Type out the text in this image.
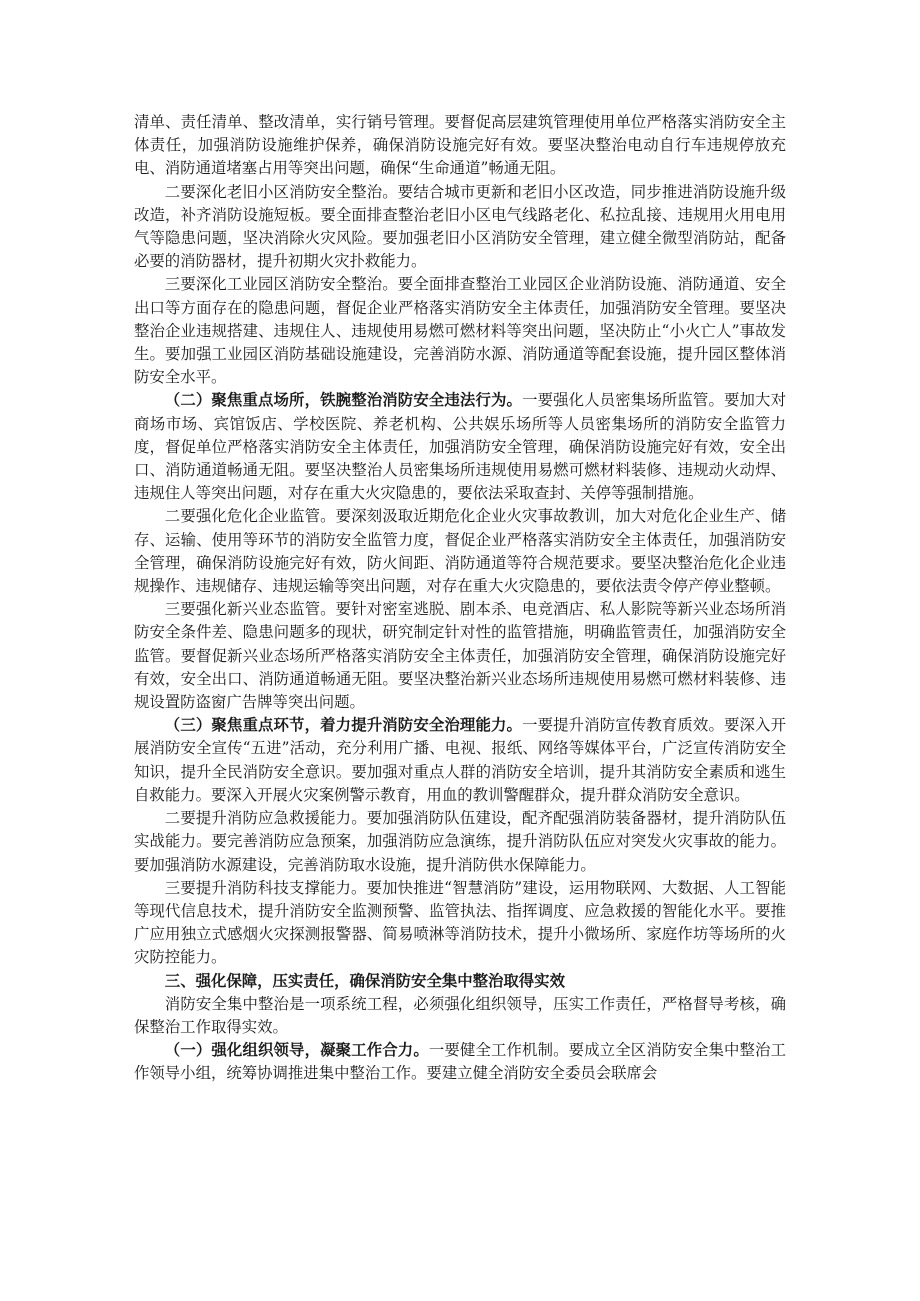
清单、责任清单、整改清单，实行销号管理。要督促高层建筑管理使用单位严格落实消防安全主体责任，加强消防设施维护保养，确保消防设施完好有效。要坚决整治电动自行车违规停放充电、消防通道堵塞占用等突出问题，确保“生命通道”畅通无阻。

二要深化老旧小区消防安全整治。要结合城市更新和老旧小区改造，同步推进消防设施升级改造，补齐消防设施短板。要全面排查整治老旧小区电气线路老化、私拉乱接、违规用火用电用气等隐患问题，坚决消除火灾风险。要加强老旧小区消防安全管理，建立健全微型消防站，配备必要的消防器材，提升初期火灾扑救能力。

三要深化工业园区消防安全整治。要全面排查整治工业园区企业消防设施、消防通道、安全出口等方面存在的隐患问题，督促企业严格落实消防安全主体责任，加强消防安全管理。要坚决整治企业违规搭建、违规住人、违规使用易燃可燃材料等突出问题，坚决防止“小火亡人”事故发生。要加强工业园区消防基础设施建设，完善消防水源、消防通道等配套设施，提升园区整体消防安全水平。

（二）聚焦重点场所，铁腕整治消防安全违法行为。一要强化人员密集场所监管。要加大对商场市场、宾馆饭店、学校医院、养老机构、公共娱乐场所等人员密集场所的消防安全监管力度，督促单位严格落实消防安全主体责任，加强消防安全管理，确保消防设施完好有效，安全出口、消防通道畅通无阻。要坚决整治人员密集场所违规使用易燃可燃材料装修、违规动火动焊、违规住人等突出问题，对存在重大火灾隐患的，要依法采取查封、关停等强制措施。

二要强化危化企业监管。要深刻汲取近期危化企业火灾事故教训，加大对危化企业生产、储存、运输、使用等环节的消防安全监管力度，督促企业严格落实消防安全主体责任，加强消防安全管理，确保消防设施完好有效，防火间距、消防通道等符合规范要求。要坚决整治危化企业违规操作、违规储存、违规运输等突出问题，对存在重大火灾隐患的，要依法责令停产停业整顿。

三要强化新兴业态监管。要针对密室逃脱、剧本杀、电竞酒店、私人影院等新兴业态场所消防安全条件差、隐患问题多的现状，研究制定针对性的监管措施，明确监管责任，加强消防安全监管。要督促新兴业态场所严格落实消防安全主体责任，加强消防安全管理，确保消防设施完好有效，安全出口、消防通道畅通无阻。要坚决整治新兴业态场所违规使用易燃可燃材料装修、违规设置防盗窗广告牌等突出问题。

（三）聚焦重点环节，着力提升消防安全治理能力。一要提升消防宣传教育质效。要深入开展消防安全宣传“五进”活动，充分利用广播、电视、报纸、网络等媒体平台，广泛宣传消防安全知识，提升全民消防安全意识。要加强对重点人群的消防安全培训，提升其消防安全素质和逃生自救能力。要深入开展火灾案例警示教育，用血的教训警醒群众，提升群众消防安全意识。

二要提升消防应急救援能力。要加强消防队伍建设，配齐配强消防装备器材，提升消防队伍实战能力。要完善消防应急预案，加强消防应急演练，提升消防队伍应对突发火灾事故的能力。要加强消防水源建设，完善消防取水设施，提升消防供水保障能力。

三要提升消防科技支撑能力。要加快推进“智慧消防”建设，运用物联网、大数据、人工智能等现代信息技术，提升消防安全监测预警、监管执法、指挥调度、应急救援的智能化水平。要推广应用独立式感烟火灾探测报警器、简易喷淋等消防技术，提升小微场所、家庭作坊等场所的火灾防控能力。

三、强化保障，压实责任，确保消防安全集中整治取得实效

消防安全集中整治是一项系统工程，必须强化组织领导，压实工作责任，严格督导考核，确保整治工作取得实效。

（一）强化组织领导，凝聚工作合力。一要健全工作机制。要成立全区消防安全集中整治工作领导小组，统筹协调推进集中整治工作。要建立健全消防安全委员会联席会
